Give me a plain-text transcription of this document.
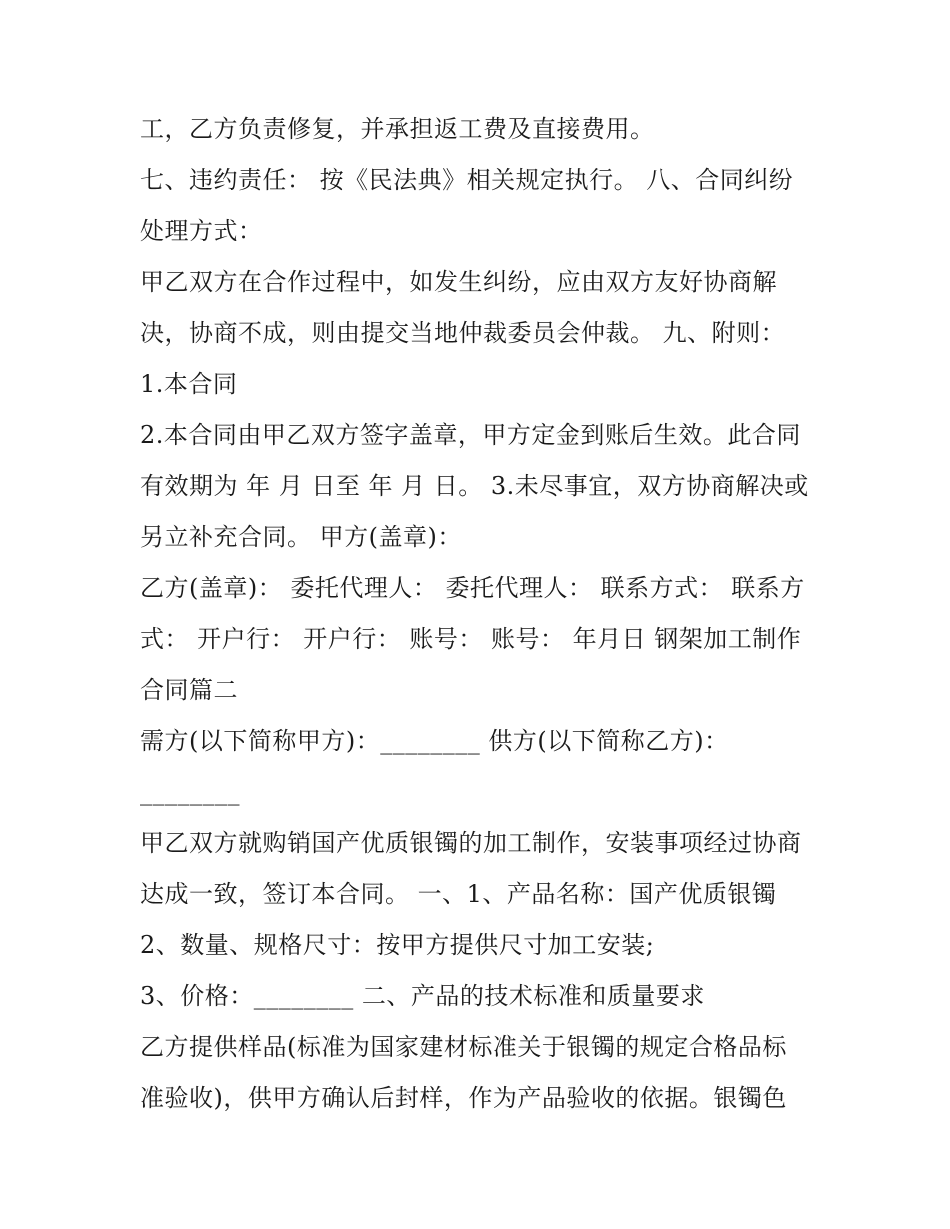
工，乙方负责修复，并承担返工费及直接费用。
七、违约责任： 按《民法典》相关规定执行。 八、合同纠纷
处理方式：
甲乙双方在合作过程中，如发生纠纷，应由双方友好协商解
决，协商不成，则由提交当地仲裁委员会仲裁。 九、附则：
1.本合同
2.本合同由甲乙双方签字盖章，甲方定金到账后生效。此合同
有效期为 年 月 日至 年 月 日。 3.未尽事宜，双方协商解决或
另立补充合同。 甲方(盖章)：
乙方(盖章)： 委托代理人： 委托代理人： 联系方式： 联系方
式： 开户行： 开户行： 账号： 账号： 年月日 钢架加工制作
合同篇二
需方(以下简称甲方)：________ 供方(以下简称乙方)：
________
甲乙双方就购销国产优质银镯的加工制作，安装事项经过协商
达成一致，签订本合同。 一、1、产品名称：国产优质银镯
2、数量、规格尺寸：按甲方提供尺寸加工安装;
3、价格：________ 二、产品的技术标准和质量要求
乙方提供样品(标准为国家建材标准关于银镯的规定合格品标
准验收)，供甲方确认后封样，作为产品验收的依据。银镯色
